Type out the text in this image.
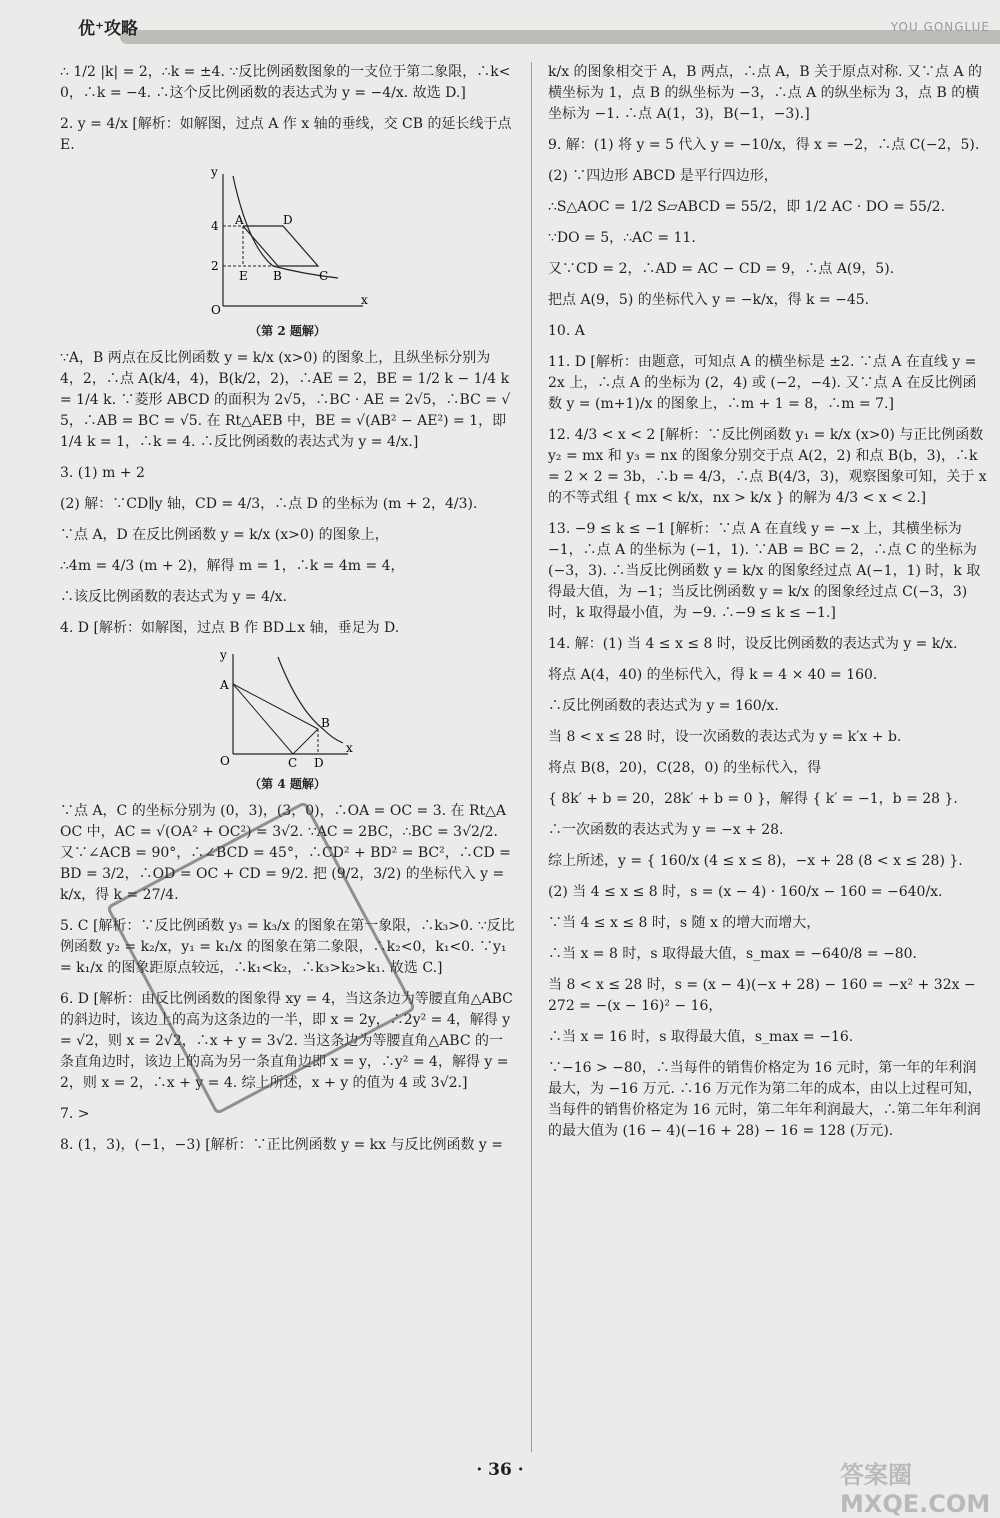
优⁺攻略	YOU GONGLUE

∴ 1/2 |k| = 2，∴k = ±4. ∵反比例函数图象的一支位于第二象限，∴k<0，∴k = −4. ∴这个反比例函数的表达式为 y = −4/x. 故选 D.]

2. y = 4/x [解析：如解图，过点 A 作 x 轴的垂线，交 CB 的延长线于点 E.

y
4
2
O
x
A	D
E B	C
（第 2 题解）

∵A，B 两点在反比例函数 y = k/x (x>0) 的图象上，且纵坐标分别为 4，2，∴点 A(k/4，4)，B(k/2，2)，∴AE = 2，BE = 1/2 k − 1/4 k = 1/4 k. ∵菱形 ABCD 的面积为 2√5，∴BC · AE = 2√5，∴BC = √5，∴AB = BC = √5. 在 Rt△AEB 中，BE = √(AB² − AE²) = 1，即 1/4 k = 1，∴k = 4. ∴反比例函数的表达式为 y = 4/x.]

3. (1) m + 2

(2) 解：∵CD∥y 轴，CD = 4/3，∴点 D 的坐标为 (m + 2，4/3).

∵点 A，D 在反比例函数 y = k/x (x>0) 的图象上，

∴4m = 4/3 (m + 2)，解得 m = 1，∴k = 4m = 4，

∴该反比例函数的表达式为 y = 4/x.

4. D [解析：如解图，过点 B 作 BD⊥x 轴，垂足为 D.

y
A
B
O	C D
x
（第 4 题解）

∵点 A，C 的坐标分别为 (0，3)，(3，0)，∴OA = OC = 3. 在 Rt△AOC 中，AC = √(OA² + OC²) = 3√2. ∵AC = 2BC，∴BC = 3√2/2. 又∵∠ACB = 90°，∴∠BCD = 45°，∴CD² + BD² = BC²，∴CD = BD = 3/2，∴OD = OC + CD = 9/2. 把 (9/2，3/2) 的坐标代入 y = k/x，得 k = 27/4.

5. C [解析：∵反比例函数 y₃ = k₃/x 的图象在第一象限，∴k₃>0. ∵反比例函数 y₂ = k₂/x，y₁ = k₁/x 的图象在第二象限，∴k₂<0，k₁<0. ∵y₁ = k₁/x 的图象距原点较远，∴k₁<k₂，∴k₃>k₂>k₁. 故选 C.]

6. D [解析：由反比例函数的图象得 xy = 4，当这条边为等腰直角△ABC 的斜边时，该边上的高为这条边的一半，即 x = 2y，∴2y² = 4，解得 y = √2，则 x = 2√2，∴x + y = 3√2. 当这条边为等腰直角△ABC 的一条直角边时，该边上的高为另一条直角边即 x = y，∴y² = 4，解得 y = 2，则 x = 2，∴x + y = 4. 综上所述，x + y 的值为 4 或 3√2.]

7. >

8. (1，3)，(−1，−3) [解析：∵正比例函数 y = kx 与反比例函数 y =

k/x 的图象相交于 A，B 两点，∴点 A，B 关于原点对称. 又∵点 A 的横坐标为 1，点 B 的纵坐标为 −3，∴点 A 的纵坐标为 3，点 B 的横坐标为 −1. ∴点 A(1，3)，B(−1，−3).]

9. 解：(1) 将 y = 5 代入 y = −10/x，得 x = −2，∴点 C(−2，5).

(2) ∵四边形 ABCD 是平行四边形，

∴S△AOC = 1/2 S▱ABCD = 55/2，即 1/2 AC · DO = 55/2.

∵DO = 5，∴AC = 11.

又∵CD = 2，∴AD = AC − CD = 9，∴点 A(9，5).

把点 A(9，5) 的坐标代入 y = −k/x，得 k = −45.

10. A

11. D [解析：由题意，可知点 A 的横坐标是 ±2. ∵点 A 在直线 y = 2x 上，∴点 A 的坐标为 (2，4) 或 (−2，−4). 又∵点 A 在反比例函数 y = (m+1)/x 的图象上，∴m + 1 = 8，∴m = 7.]

12. 4/3 < x < 2 [解析：∵反比例函数 y₁ = k/x (x>0) 与正比例函数 y₂ = mx 和 y₃ = nx 的图象分别交于点 A(2，2) 和点 B(b，3)，∴k = 2 × 2 = 3b，∴b = 4/3，∴点 B(4/3，3)，观察图象可知，关于 x 的不等式组 { mx < k/x，nx > k/x } 的解为 4/3 < x < 2.]

13. −9 ≤ k ≤ −1 [解析：∵点 A 在直线 y = −x 上，其横坐标为 −1，∴点 A 的坐标为 (−1，1). ∵AB = BC = 2，∴点 C 的坐标为 (−3，3). ∴当反比例函数 y = k/x 的图象经过点 A(−1，1) 时，k 取得最大值，为 −1；当反比例函数 y = k/x 的图象经过点 C(−3，3) 时，k 取得最小值，为 −9. ∴−9 ≤ k ≤ −1.]

14. 解：(1) 当 4 ≤ x ≤ 8 时，设反比例函数的表达式为 y = k/x.

将点 A(4，40) 的坐标代入，得 k = 4 × 40 = 160.

∴反比例函数的表达式为 y = 160/x.

当 8 < x ≤ 28 时，设一次函数的表达式为 y = k′x + b.

将点 B(8，20)，C(28，0) 的坐标代入，得

{ 8k′ + b = 20，28k′ + b = 0 }，解得 { k′ = −1，b = 28 }.

∴一次函数的表达式为 y = −x + 28.

综上所述，y = { 160/x (4 ≤ x ≤ 8)，−x + 28 (8 < x ≤ 28) }.

(2) 当 4 ≤ x ≤ 8 时，s = (x − 4) · 160/x − 160 = −640/x.

∵当 4 ≤ x ≤ 8 时，s 随 x 的增大而增大，

∴当 x = 8 时，s 取得最大值，s_max = −640/8 = −80.

当 8 < x ≤ 28 时，s = (x − 4)(−x + 28) − 160 = −x² + 32x − 272 = −(x − 16)² − 16，

∴当 x = 16 时，s 取得最大值，s_max = −16.

∵−16 > −80，∴当每件的销售价格定为 16 元时，第一年的年利润最大，为 −16 万元. ∴16 万元作为第二年的成本，由以上过程可知，当每件的销售价格定为 16 元时，第二年年利润最大，∴第二年年利润的最大值为 (16 − 4)(−16 + 28) − 16 = 128 (万元).

· 36 ·	答案圈 MXQE.COM
